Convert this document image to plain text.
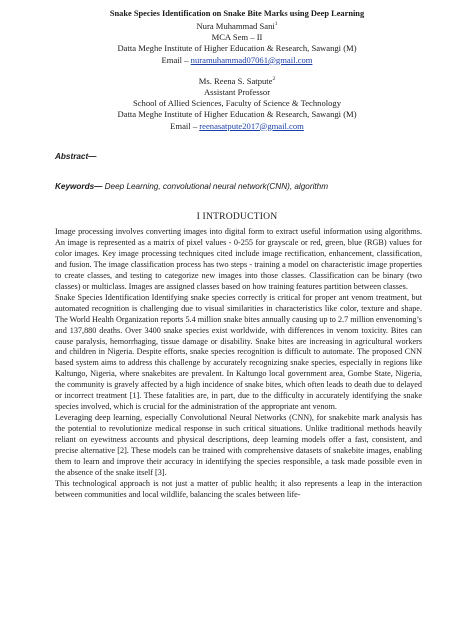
Snake Species Identification on Snake Bite Marks using Deep Learning
Nura Muhammad Sani$^1$
MCA Sem – II
Datta Meghe Institute of Higher Education & Research, Sawangi (M)
Email – nuramuhammad07061@gmail.com
Ms. Reena S. Satpute$^2$
Assistant Professor
School of Allied Sciences, Faculty of Science & Technology
Datta Meghe Institute of Higher Education & Research, Sawangi (M)
Email – reenasatpute2017@gmail.com
Abstract—
Keywords— Deep Learning, convolutional neural network(CNN), algorithm
I INTRODUCTION

Image processing involves converting images into digital form to extract useful information using algorithms. An image is represented as a matrix of pixel values - 0-255 for grayscale or red, green, blue (RGB) values for color images. Key image processing techniques cited include image rectification, enhancement, classification, and fusion. The image classification process has two steps - training a model on characteristic image properties to create classes, and testing to categorize new images into those classes. Classification can be binary (two classes) or multiclass. Images are assigned classes based on how training features partition between classes.

Snake Species Identification Identifying snake species correctly is critical for proper ant venom treatment, but automated recognition is challenging due to visual similarities in characteristics like color, texture and shape. The World Health Organization reports 5.4 million snake bites annually causing up to 2.7 million envenoming’s and 137,880 deaths. Over 3400 snake species exist worldwide, with differences in venom toxicity. Bites can cause paralysis, hemorrhaging, tissue damage or disability. Snake bites are increasing in agricultural workers and children in Nigeria. Despite efforts, snake species recognition is difficult to automate. The proposed CNN based system aims to address this challenge by accurately recognizing snake species, especially in regions like Kaltungo, Nigeria, where snakebites are prevalent. In Kaltungo local government area, Gombe State, Nigeria, the community is gravely affected by a high incidence of snake bites, which often leads to death due to delayed or incorrect treatment [1]. These fatalities are, in part, due to the difficulty in accurately identifying the snake species involved, which is crucial for the administration of the appropriate ant venom.

Leveraging deep learning, especially Convolutional Neural Networks (CNN), for snakebite mark analysis has the potential to revolutionize medical response in such critical situations. Unlike traditional methods heavily reliant on eyewitness accounts and physical descriptions, deep learning models offer a fast, consistent, and precise alternative [2]. These models can be trained with comprehensive datasets of snakebite images, enabling them to learn and improve their accuracy in identifying the species responsible, a task made possible even in the absence of the snake itself [3].

This technological approach is not just a matter of public health; it also represents a leap in the interaction between communities and local wildlife, balancing the scales between life-
